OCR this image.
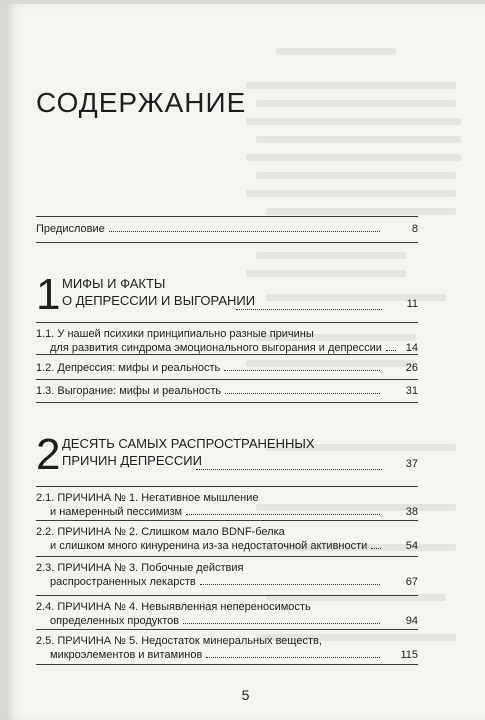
СОДЕРЖАНИЕ
Предисловие	8
1 МИФЫ И ФАКТЫ
О ДЕПРЕССИИ И ВЫГОРАНИИ	11
1.1. У нашей психики принципиально разные причины
для развития синдрома эмоционального выгорания и депрессии 14
1.2. Депрессия: мифы и реальность	26
1.3. Выгорание: мифы и реальность	31
2 ДЕСЯТЬ САМЫХ РАСПРОСТРАНЕННЫХ
ПРИЧИН ДЕПРЕССИИ	37
2.1. ПРИЧИНА № 1. Негативное мышление
и намеренный пессимизм	38
2.2. ПРИЧИНА № 2. Слишком мало BDNF-белка
и слишком много кинуренина из-за недостаточной активности	54
2.3. ПРИЧИНА № 3. Побочные действия
распространенных лекарств	67
2.4. ПРИЧИНА № 4. Невыявленная непереносимость
определенных продуктов	94
2.5. ПРИЧИНА № 5. Недостаток минеральных веществ,
микроэлементов и витаминов	115
5
